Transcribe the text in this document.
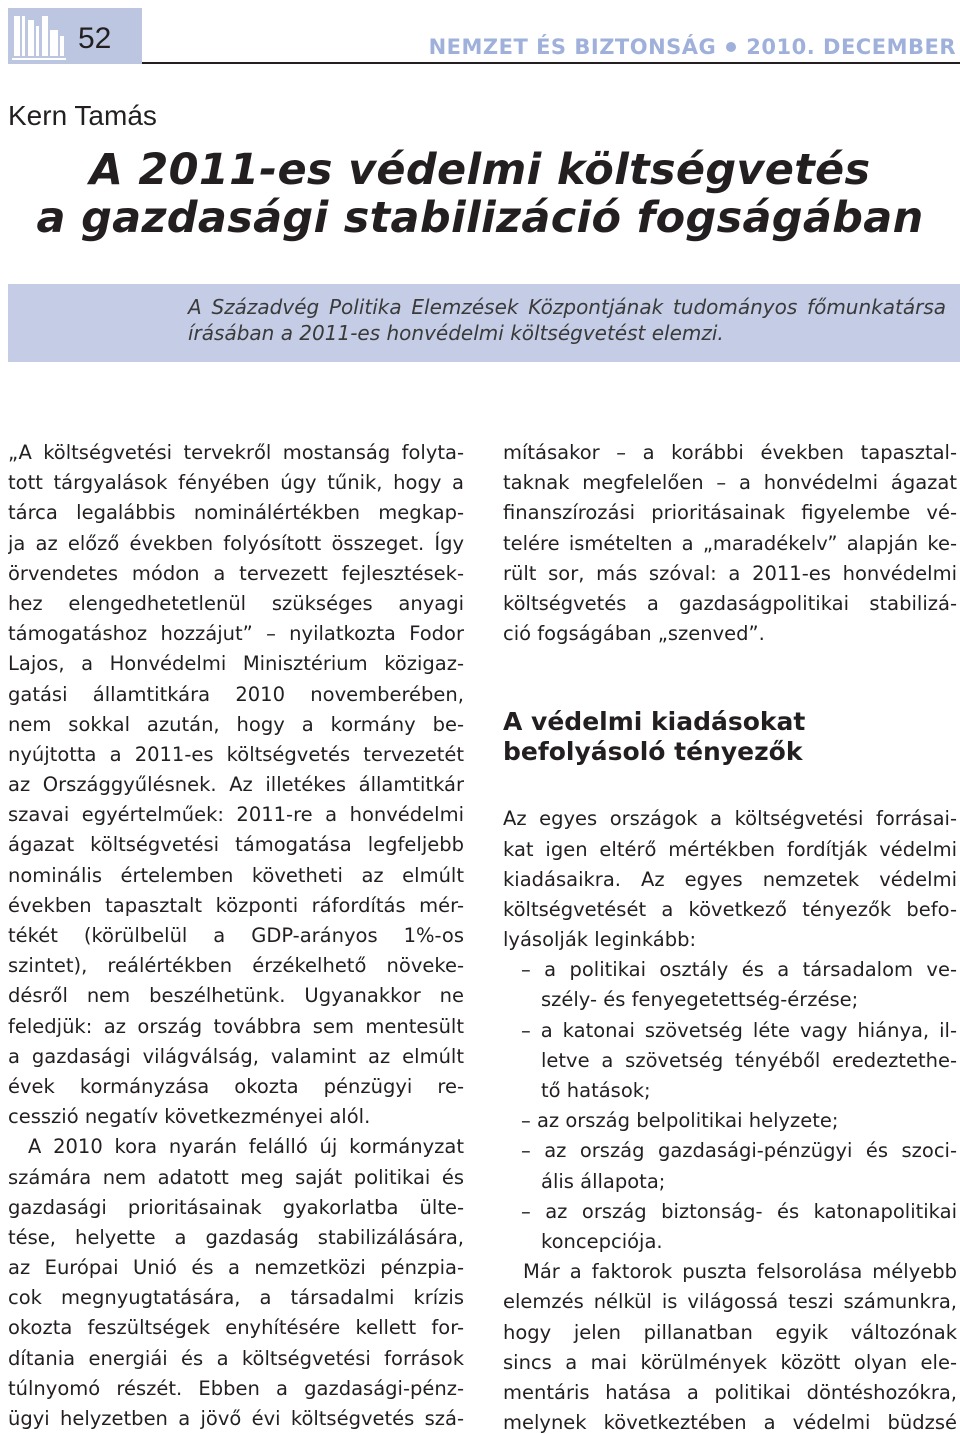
52	NEMZET ÉS BIZTONSÁG 2010. DECEMBER
Kern Tamás
A 2011-es védelmi költségvetés
a gazdasági stabilizáció fogságában
A Századvég Politika Elemzések Központjának tudományos főmunkatársa írásában a 2011-es honvédelmi költségvetést elemzi.
„A költségvetési tervekről mostanság folyta-
tott tárgyalások fényében úgy tűnik, hogy a
tárca legalábbis nominálértékben megkap-
ja az előző években folyósított összeget. Így
örvendetes módon a tervezett fejlesztések-
hez elengedhetetlenül szükséges anyagi
támogatáshoz hozzájut” – nyilatkozta Fodor
Lajos, a Honvédelmi Minisztérium közigaz-
gatási államtitkára 2010 novemberében,
nem sokkal azután, hogy a kormány be-
nyújtotta a 2011-es költségvetés tervezetét
az Országgyűlésnek. Az illetékes államtitkár
szavai egyértelműek: 2011-re a honvédelmi
ágazat költségvetési támogatása legfeljebb
nominális értelemben követheti az elmúlt
években tapasztalt központi ráfordítás mér-
tékét (körülbelül a GDP-arányos 1%-os
szintet), reálértékben érzékelhető növeke-
désről nem beszélhetünk. Ugyanakkor ne
feledjük: az ország továbbra sem mentesült
a gazdasági világválság, valamint az elmúlt
évek kormányzása okozta pénzügyi re-
cesszió negatív következményei alól.
A 2010 kora nyarán felálló új kormányzat
számára nem adatott meg saját politikai és
gazdasági prioritásainak gyakorlatba ülte-
tése, helyette a gazdaság stabilizálására,
az Európai Unió és a nemzetközi pénzpia-
cok megnyugtatására, a társadalmi krízis
okozta feszültségek enyhítésére kellett for-
dítania energiái és a költségvetési források
túlnyomó részét. Ebben a gazdasági-pénz-
ügyi helyzetben a jövő évi költségvetés szá-
mításakor – a korábbi években tapasztal-
taknak megfelelően – a honvédelmi ágazat
finanszírozási prioritásainak figyelembe vé-
telére ismételten a „maradékelv” alapján ke-
rült sor, más szóval: a 2011-es honvédelmi
költségvetés a gazdaságpolitikai stabilizá-
ció fogságában „szenved”.
A védelmi kiadásokat
befolyásoló tényezők
Az egyes országok a költségvetési forrásai-
kat igen eltérő mértékben fordítják védelmi
kiadásaikra. Az egyes nemzetek védelmi
költségvetését a következő tényezők befo-
lyásolják leginkább:
– a politikai osztály és a társadalom ve-
szély- és fenyegetettség-érzése;
– a katonai szövetség léte vagy hiánya, il-
letve a szövetség tényéből eredeztethe-
tő hatások;
– az ország belpolitikai helyzete;
– az ország gazdasági-pénzügyi és szoci-
ális állapota;
– az ország biztonság- és katonapolitikai
koncepciója.
Már a faktorok puszta felsorolása mélyebb
elemzés nélkül is világossá teszi számunkra,
hogy jelen pillanatban egyik változónak
sincs a mai körülmények között olyan ele-
mentáris hatása a politikai döntéshozókra,
melynek következtében a védelmi büdzsé
